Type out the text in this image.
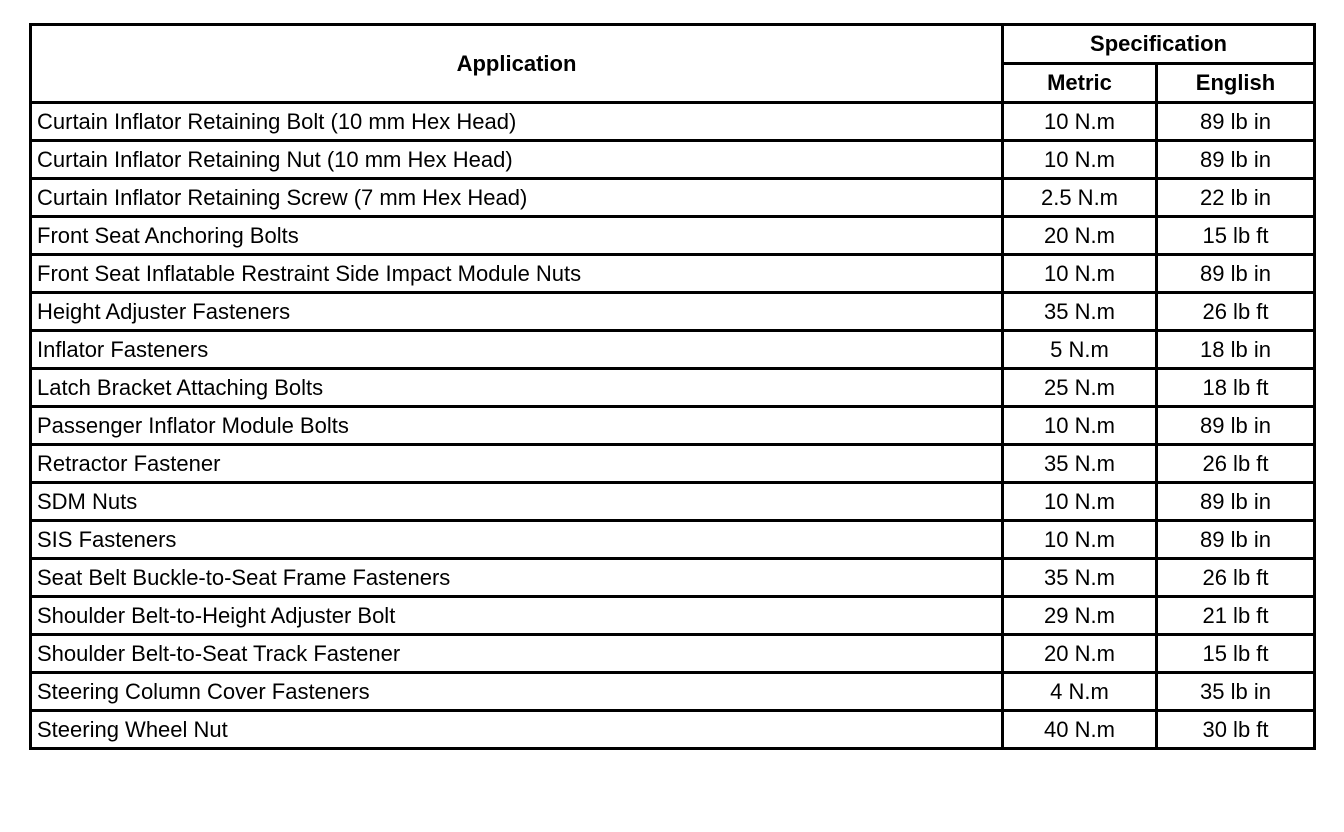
Application	Specification	
	Metric	English
Curtain Inflator Retaining Bolt (10 mm Hex Head)	10 N.m	89 lb in
Curtain Inflator Retaining Nut (10 mm Hex Head)	10 N.m	89 lb in
Curtain Inflator Retaining Screw (7 mm Hex Head)	2.5 N.m	22 lb in
Front Seat Anchoring Bolts	20 N.m	15 lb ft
Front Seat Inflatable Restraint Side Impact Module Nuts	10 N.m	89 lb in
Height Adjuster Fasteners	35 N.m	26 lb ft
Inflator Fasteners	5 N.m	18 lb in
Latch Bracket Attaching Bolts	25 N.m	18 lb ft
Passenger Inflator Module Bolts	10 N.m	89 lb in
Retractor Fastener	35 N.m	26 lb ft
SDM Nuts	10 N.m	89 lb in
SIS Fasteners	10 N.m	89 lb in
Seat Belt Buckle-to-Seat Frame Fasteners	35 N.m	26 lb ft
Shoulder Belt-to-Height Adjuster Bolt	29 N.m	21 lb ft
Shoulder Belt-to-Seat Track Fastener	20 N.m	15 lb ft
Steering Column Cover Fasteners	4 N.m	35 lb in
Steering Wheel Nut	40 N.m	30 lb ft
